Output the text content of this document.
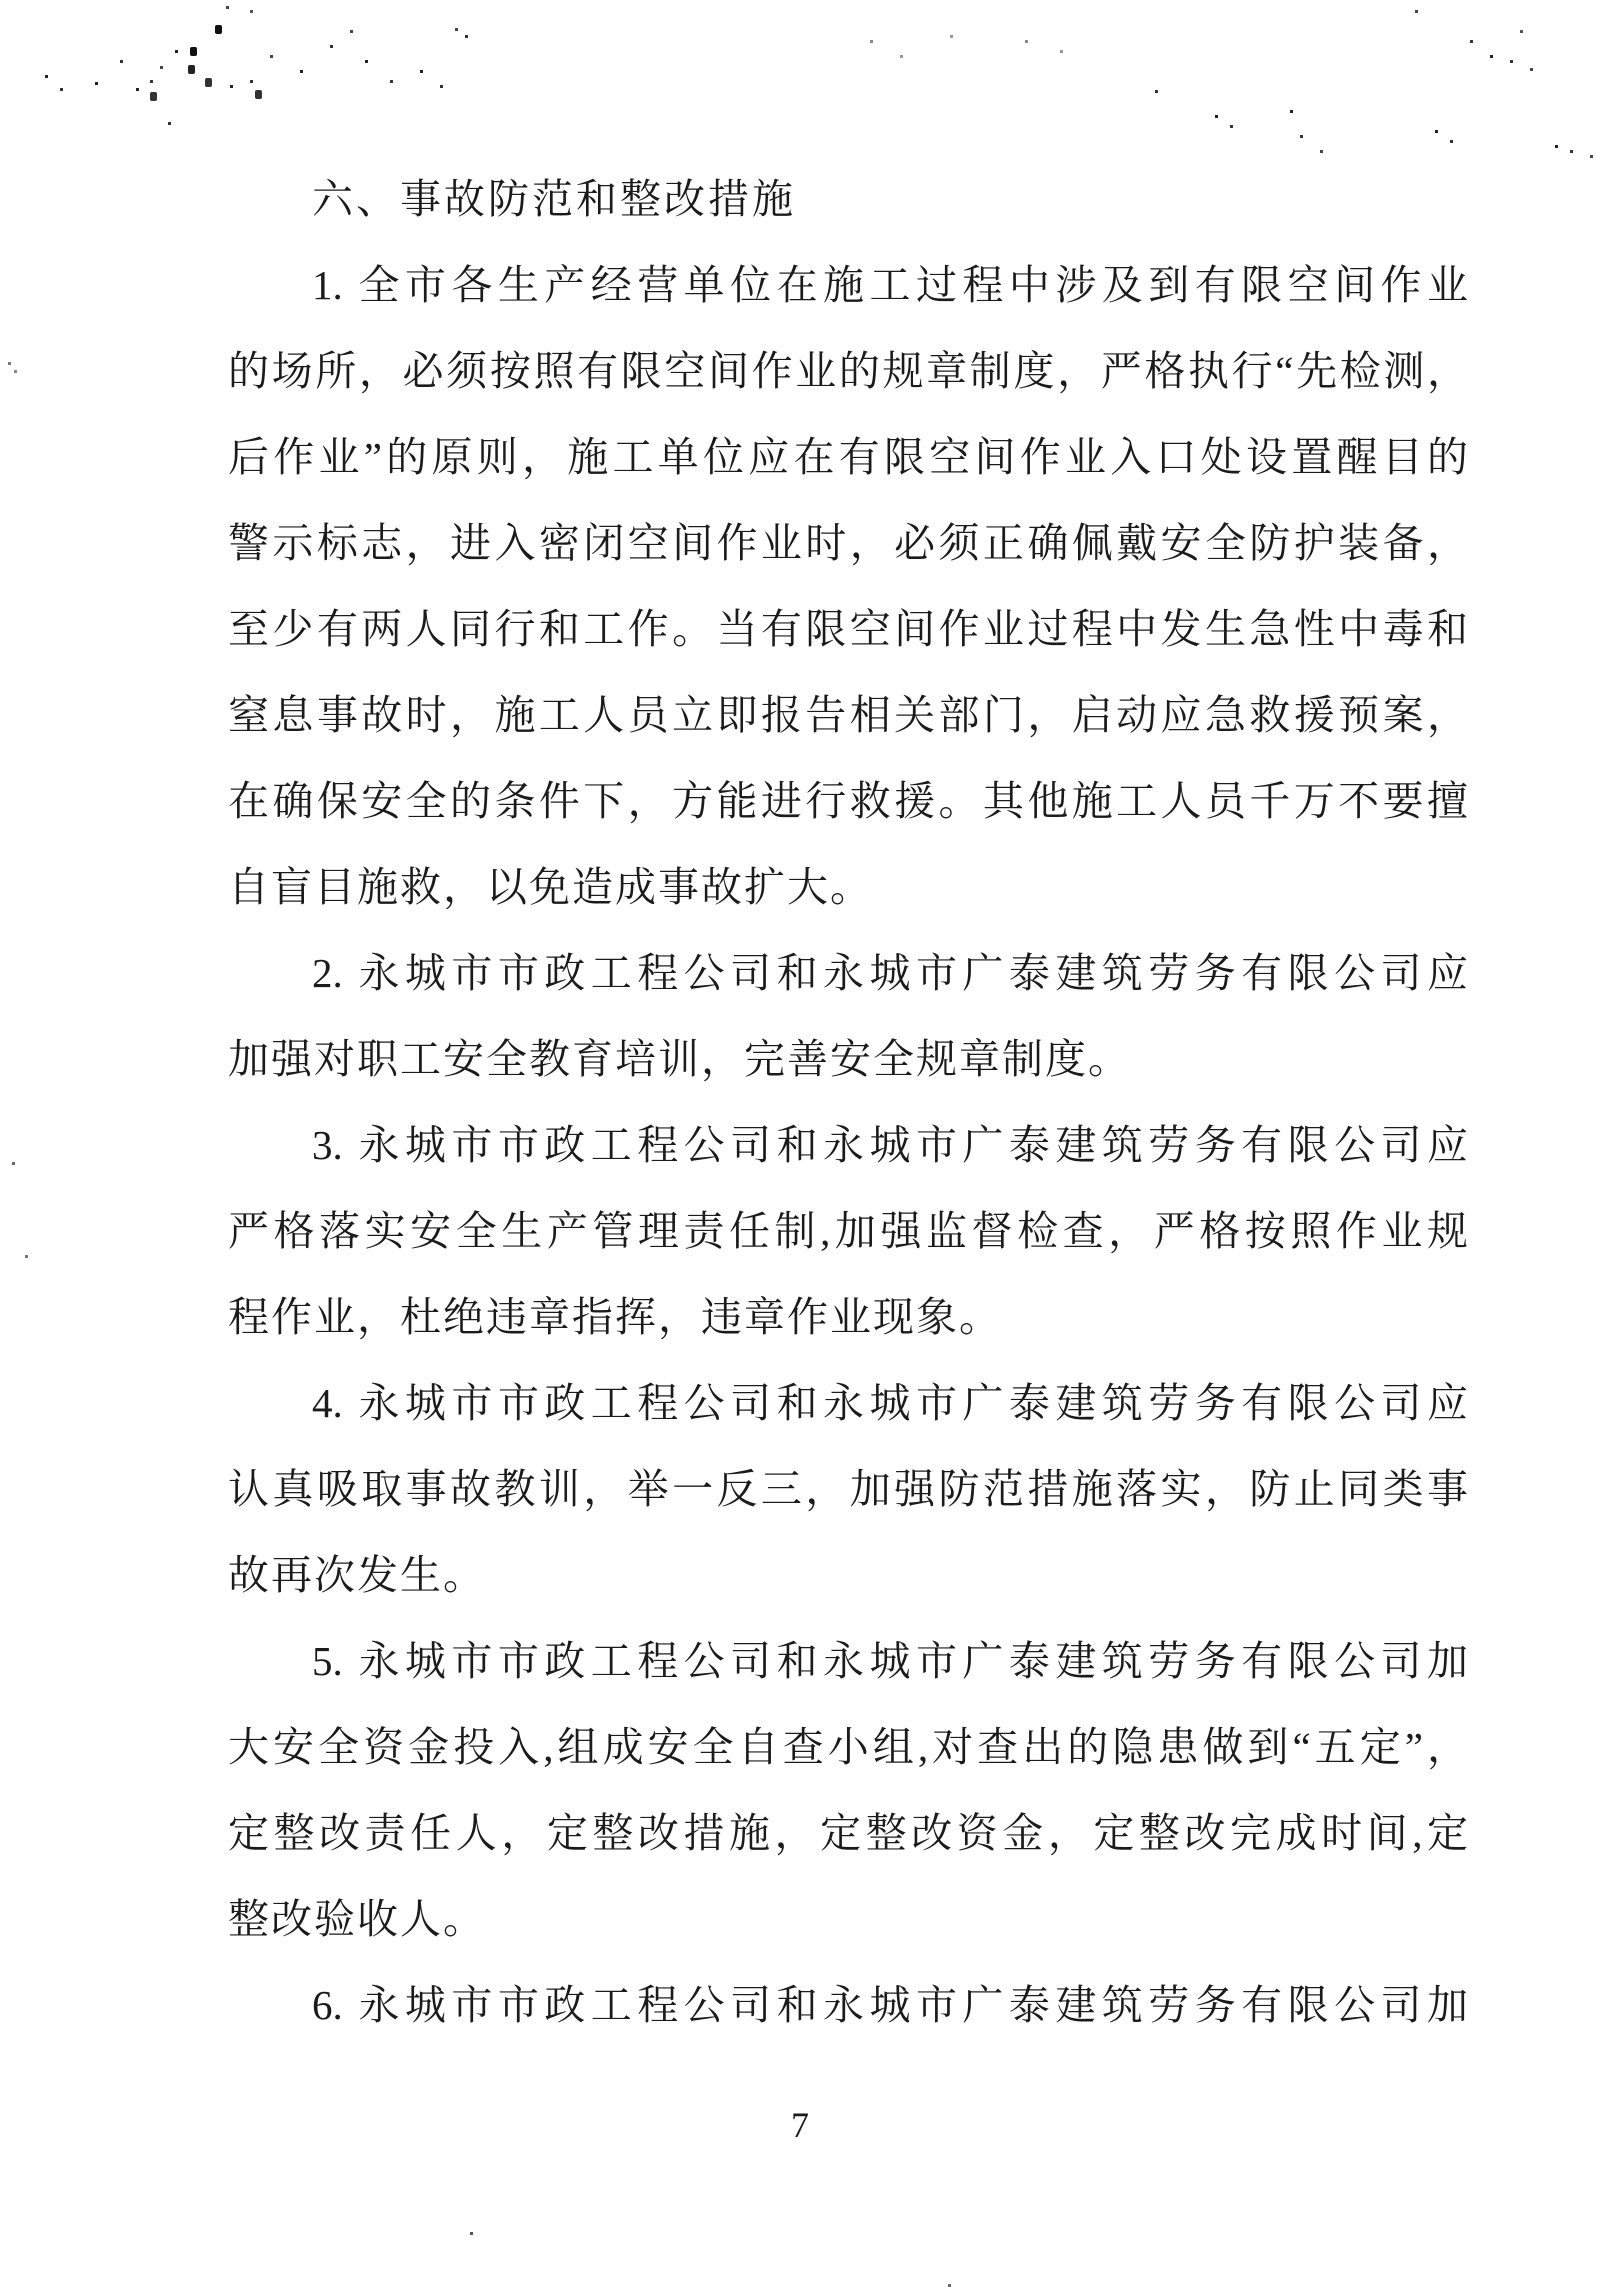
六、事故防范和整改措施
1. 全市各生产经营单位在施工过程中涉及到有限空间作业
的场所，必须按照有限空间作业的规章制度，严格执行“先检测，
后作业”的原则，施工单位应在有限空间作业入口处设置醒目的
警示标志，进入密闭空间作业时，必须正确佩戴安全防护装备，
至少有两人同行和工作。当有限空间作业过程中发生急性中毒和
窒息事故时，施工人员立即报告相关部门，启动应急救援预案，
在确保安全的条件下，方能进行救援。其他施工人员千万不要擅
自盲目施救，以免造成事故扩大。
2. 永城市市政工程公司和永城市广泰建筑劳务有限公司应
加强对职工安全教育培训，完善安全规章制度。
3. 永城市市政工程公司和永城市广泰建筑劳务有限公司应
严格落实安全生产管理责任制,加强监督检查，严格按照作业规
程作业，杜绝违章指挥，违章作业现象。
4. 永城市市政工程公司和永城市广泰建筑劳务有限公司应
认真吸取事故教训，举一反三，加强防范措施落实，防止同类事
故再次发生。
5. 永城市市政工程公司和永城市广泰建筑劳务有限公司加
大安全资金投入,组成安全自查小组,对查出的隐患做到“五定”，
定整改责任人，定整改措施，定整改资金，定整改完成时间,定
整改验收人。
6. 永城市市政工程公司和永城市广泰建筑劳务有限公司加
7
